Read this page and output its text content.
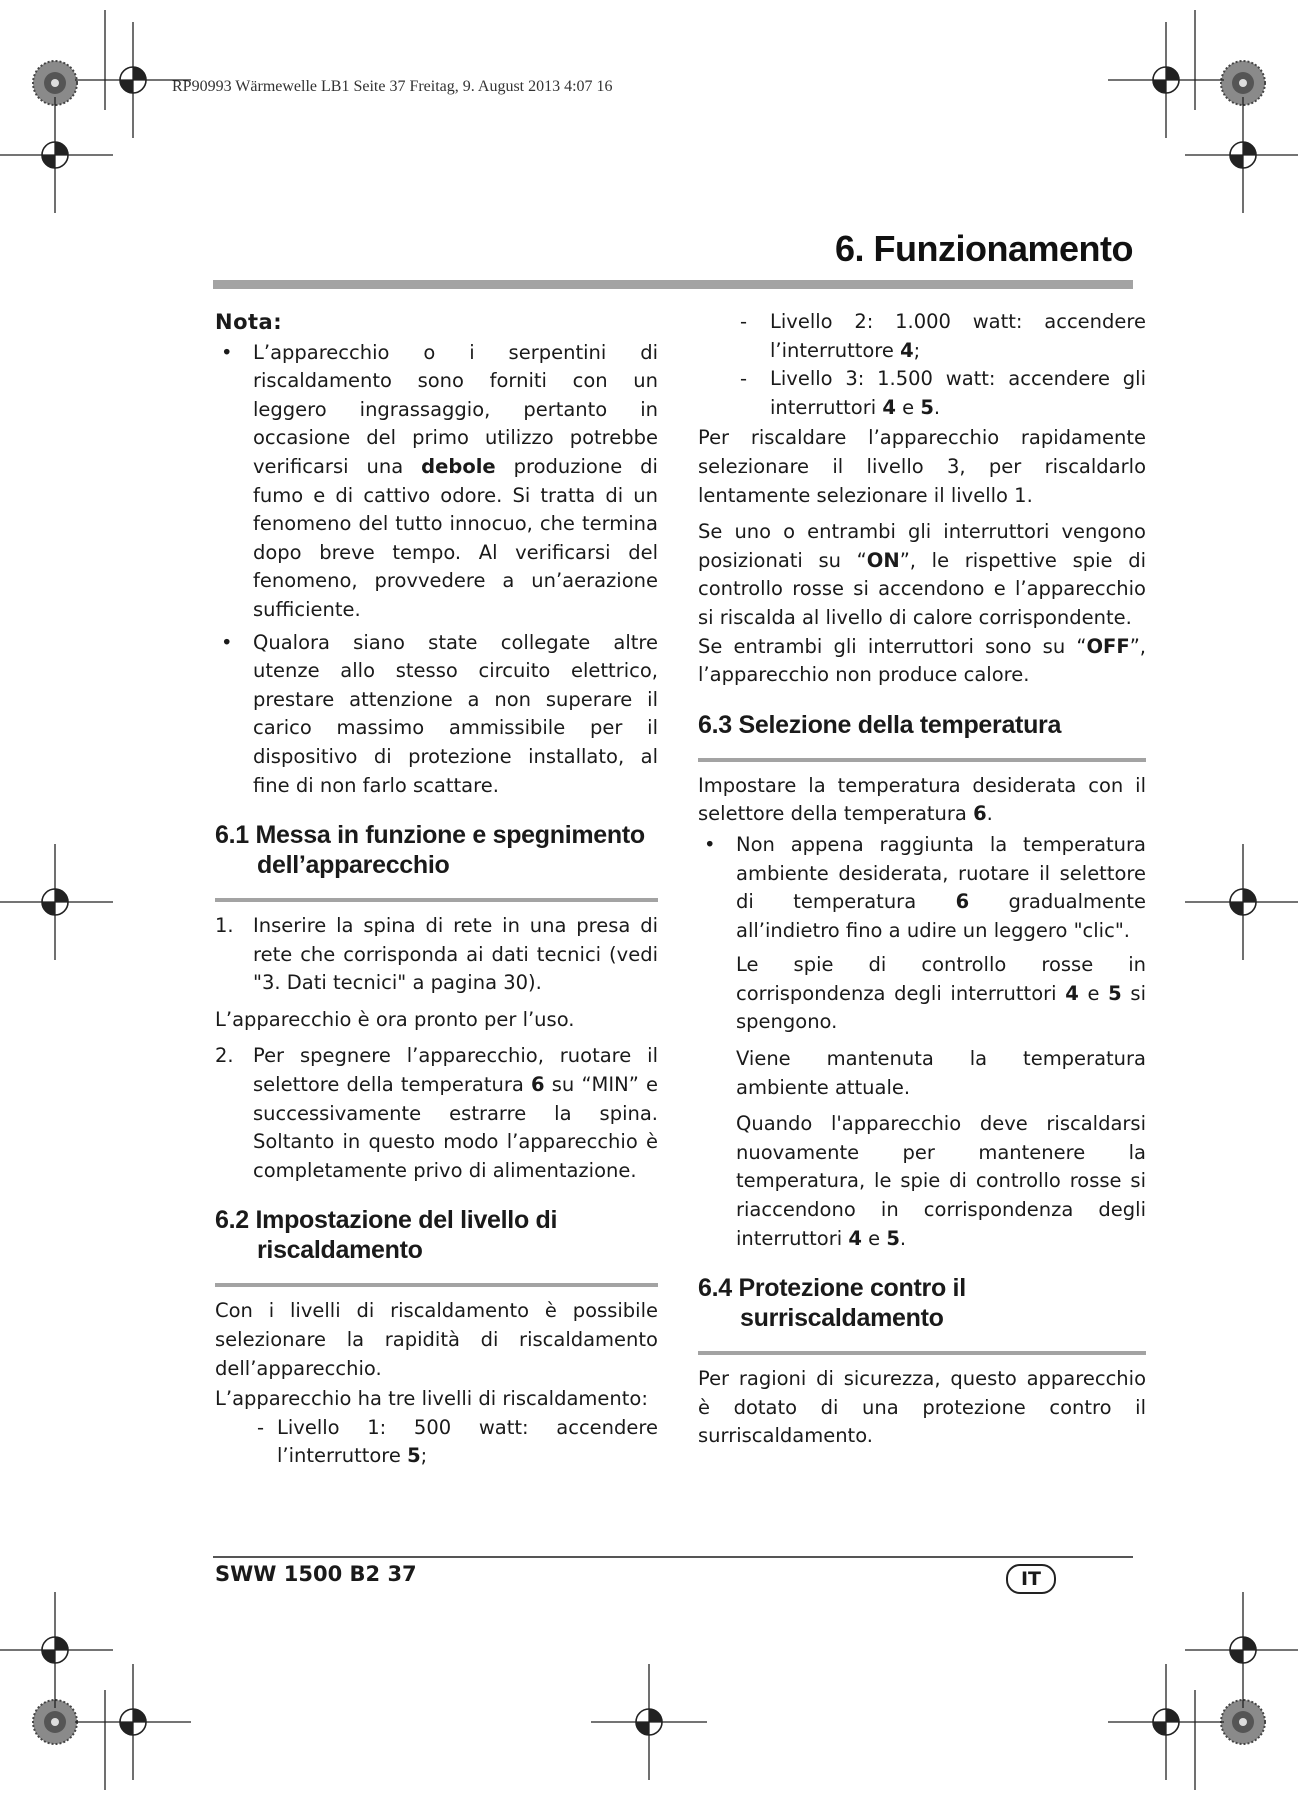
RP90993 Wärmewelle LB1 Seite 37 Freitag, 9. August 2013 4:07 16
6. Funzionamento
Nota:
• L’apparecchio o i serpentini di riscaldamento sono forniti con un leggero ingrassaggio, pertanto in occasione del primo utilizzo potrebbe verificarsi una debole produzione di fumo e di cattivo odore. Si tratta di un fenomeno del tutto innocuo, che termina dopo breve tempo. Al verificarsi del fenomeno, provvedere a un’aerazione sufficiente.
• Qualora siano state collegate altre utenze allo stesso circuito elettrico, prestare attenzione a non superare il carico massimo ammissibile per il dispositivo di protezione installato, al fine di non farlo scattare.
6.1 Messa in funzione e spegnimento
dell’apparecchio
1. Inserire la spina di rete in una presa di rete che corrisponda ai dati tecnici (vedi "3. Dati tecnici" a pagina 30).

L’apparecchio è ora pronto per l’uso.

2. Per spegnere l’apparecchio, ruotare il selettore della temperatura 6 su “MIN” e successivamente estrarre la spina. Soltanto in questo modo l’apparecchio è completamente privo di alimentazione.
6.2 Impostazione del livello di
riscaldamento

Con i livelli di riscaldamento è possibile selezionare la rapidità di riscaldamento dell’apparecchio.

L’apparecchio ha tre livelli di riscaldamento:

- Livello 1: 500 watt: accendere l’interruttore 5;
- Livello 2: 1.000 watt: accendere l’interruttore 4;
- Livello 3: 1.500 watt: accendere gli interruttori 4 e 5.

Per riscaldare l’apparecchio rapidamente selezionare il livello 3, per riscaldarlo lentamente selezionare il livello 1.

Se uno o entrambi gli interruttori vengono posizionati su “ON”, le rispettive spie di controllo rosse si accendono e l’apparecchio si riscalda al livello di calore corrispondente.

Se entrambi gli interruttori sono su “OFF”, l’apparecchio non produce calore.

6.3 Selezione della temperatura

Impostare la temperatura desiderata con il selettore della temperatura 6.

• Non appena raggiunta la temperatura ambiente desiderata, ruotare il selettore di temperatura 6 gradualmente all’indietro fino a udire un leggero "clic".

Le spie di controllo rosse in corrispondenza degli interruttori 4 e 5 si spengono.

Viene mantenuta la temperatura ambiente attuale.

Quando l'apparecchio deve riscaldarsi nuovamente per mantenere la temperatura, le spie di controllo rosse si riaccendono in corrispondenza degli interruttori 4 e 5.

6.4 Protezione contro il
surriscaldamento

Per ragioni di sicurezza, questo apparecchio è dotato di una protezione contro il surriscaldamento.

SWW 1500 B2 37	IT
